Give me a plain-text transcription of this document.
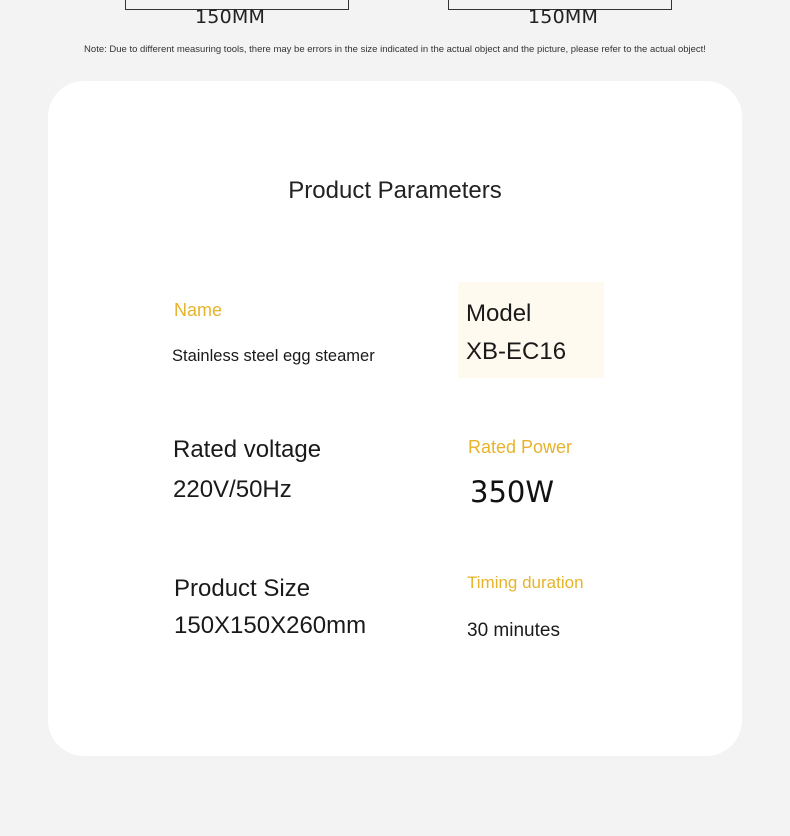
150MM	150MM
Note: Due to different measuring tools, there may be errors in the size indicated in the actual object and the picture, please refer to the actual object!
Product Parameters
Name
Stainless steel egg steamer
Model
XB-EC16
Rated voltage
220V/50Hz
Rated Power
350W
Product Size
150X150X260mm
Timing duration
30 minutes
